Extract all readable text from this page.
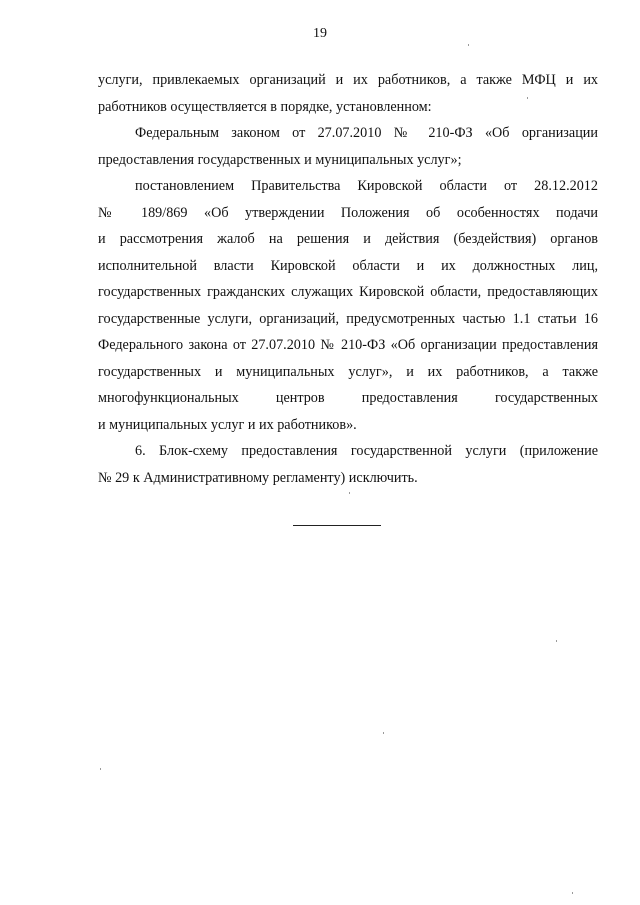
19

услуги, привлекаемых организаций и их работников, а также МФЦ и их
работников осуществляется в порядке, установленном:

Федеральным законом от 27.07.2010 № 210-ФЗ «Об организации
предоставления государственных и муниципальных услуг»;

постановлением Правительства Кировской области от 28.12.2012
№ 189/869 «Об утверждении Положения об особенностях подачи
и рассмотрения жалоб на решения и действия (бездействия) органов
исполнительной власти Кировской области и их должностных лиц,
государственных гражданских служащих Кировской области, предоставляющих
государственные услуги, организаций, предусмотренных частью 1.1 статьи 16
Федерального закона от 27.07.2010 № 210-ФЗ «Об организации предоставления
государственных и муниципальных услуг», и их работников, а также
многофункциональных центров предоставления государственных
и муниципальных услуг и их работников».

6. Блок-схему предоставления государственной услуги (приложение
№ 29 к Административному регламенту) исключить.
